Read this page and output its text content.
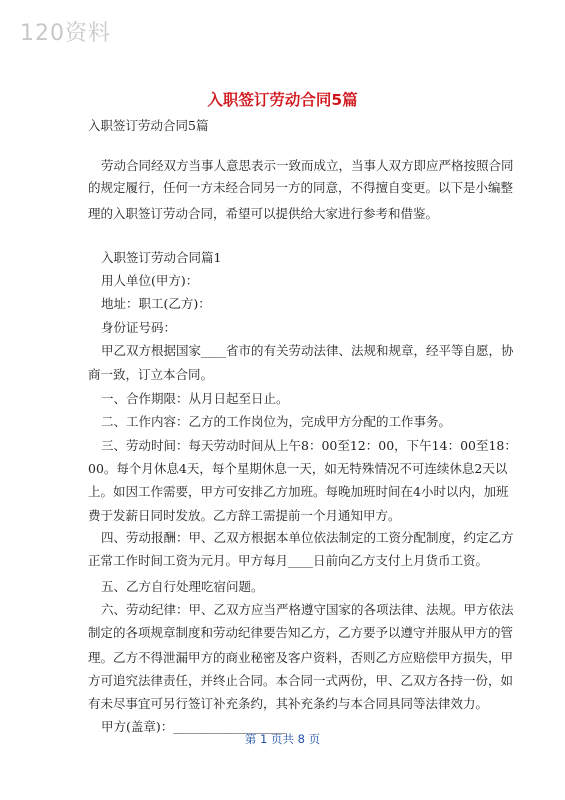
120资料
入职签订劳动合同5篇
入职签订劳动合同5篇
劳动合同经双方当事人意思表示一致而成立，当事人双方即应严格按照合同
的规定履行，任何一方未经合同另一方的同意，不得擅自变更。以下是小编整
理的入职签订劳动合同，希望可以提供给大家进行参考和借鉴。
入职签订劳动合同篇1
用人单位(甲方)：
地址：职工(乙方)：
身份证号码：
甲乙双方根据国家____省市的有关劳动法律、法规和规章，经平等自愿，协
商一致，订立本合同。
一、合作期限：从月日起至日止。
二、工作内容：乙方的工作岗位为，完成甲方分配的工作事务。
三、劳动时间：每天劳动时间从上午8：00至12：00，下午14：00至18：
00。每个月休息4天，每个星期休息一天，如无特殊情况不可连续休息2天以
上。如因工作需要，甲方可安排乙方加班。每晚加班时间在4小时以内，加班
费于发薪日同时发放。乙方辞工需提前一个月通知甲方。
四、劳动报酬：甲、乙双方根据本单位依法制定的工资分配制度，约定乙方
正常工作时间工资为元月。甲方每月____日前向乙方支付上月货币工资。
五、乙方自行处理吃宿问题。
六、劳动纪律：甲、乙双方应当严格遵守国家的各项法律、法规。甲方依法
制定的各项规章制度和劳动纪律要告知乙方，乙方要予以遵守并服从甲方的管
理。乙方不得泄漏甲方的商业秘密及客户资料，否则乙方应赔偿甲方损失，甲
方可追究法律责任，并终止合同。本合同一式两份，甲、乙双方各持一份，如
有未尽事宜可另行签订补充条约，其补充条约与本合同具同等法律效力。
甲方(盖章)：__________________
第 1 页共 8 页
